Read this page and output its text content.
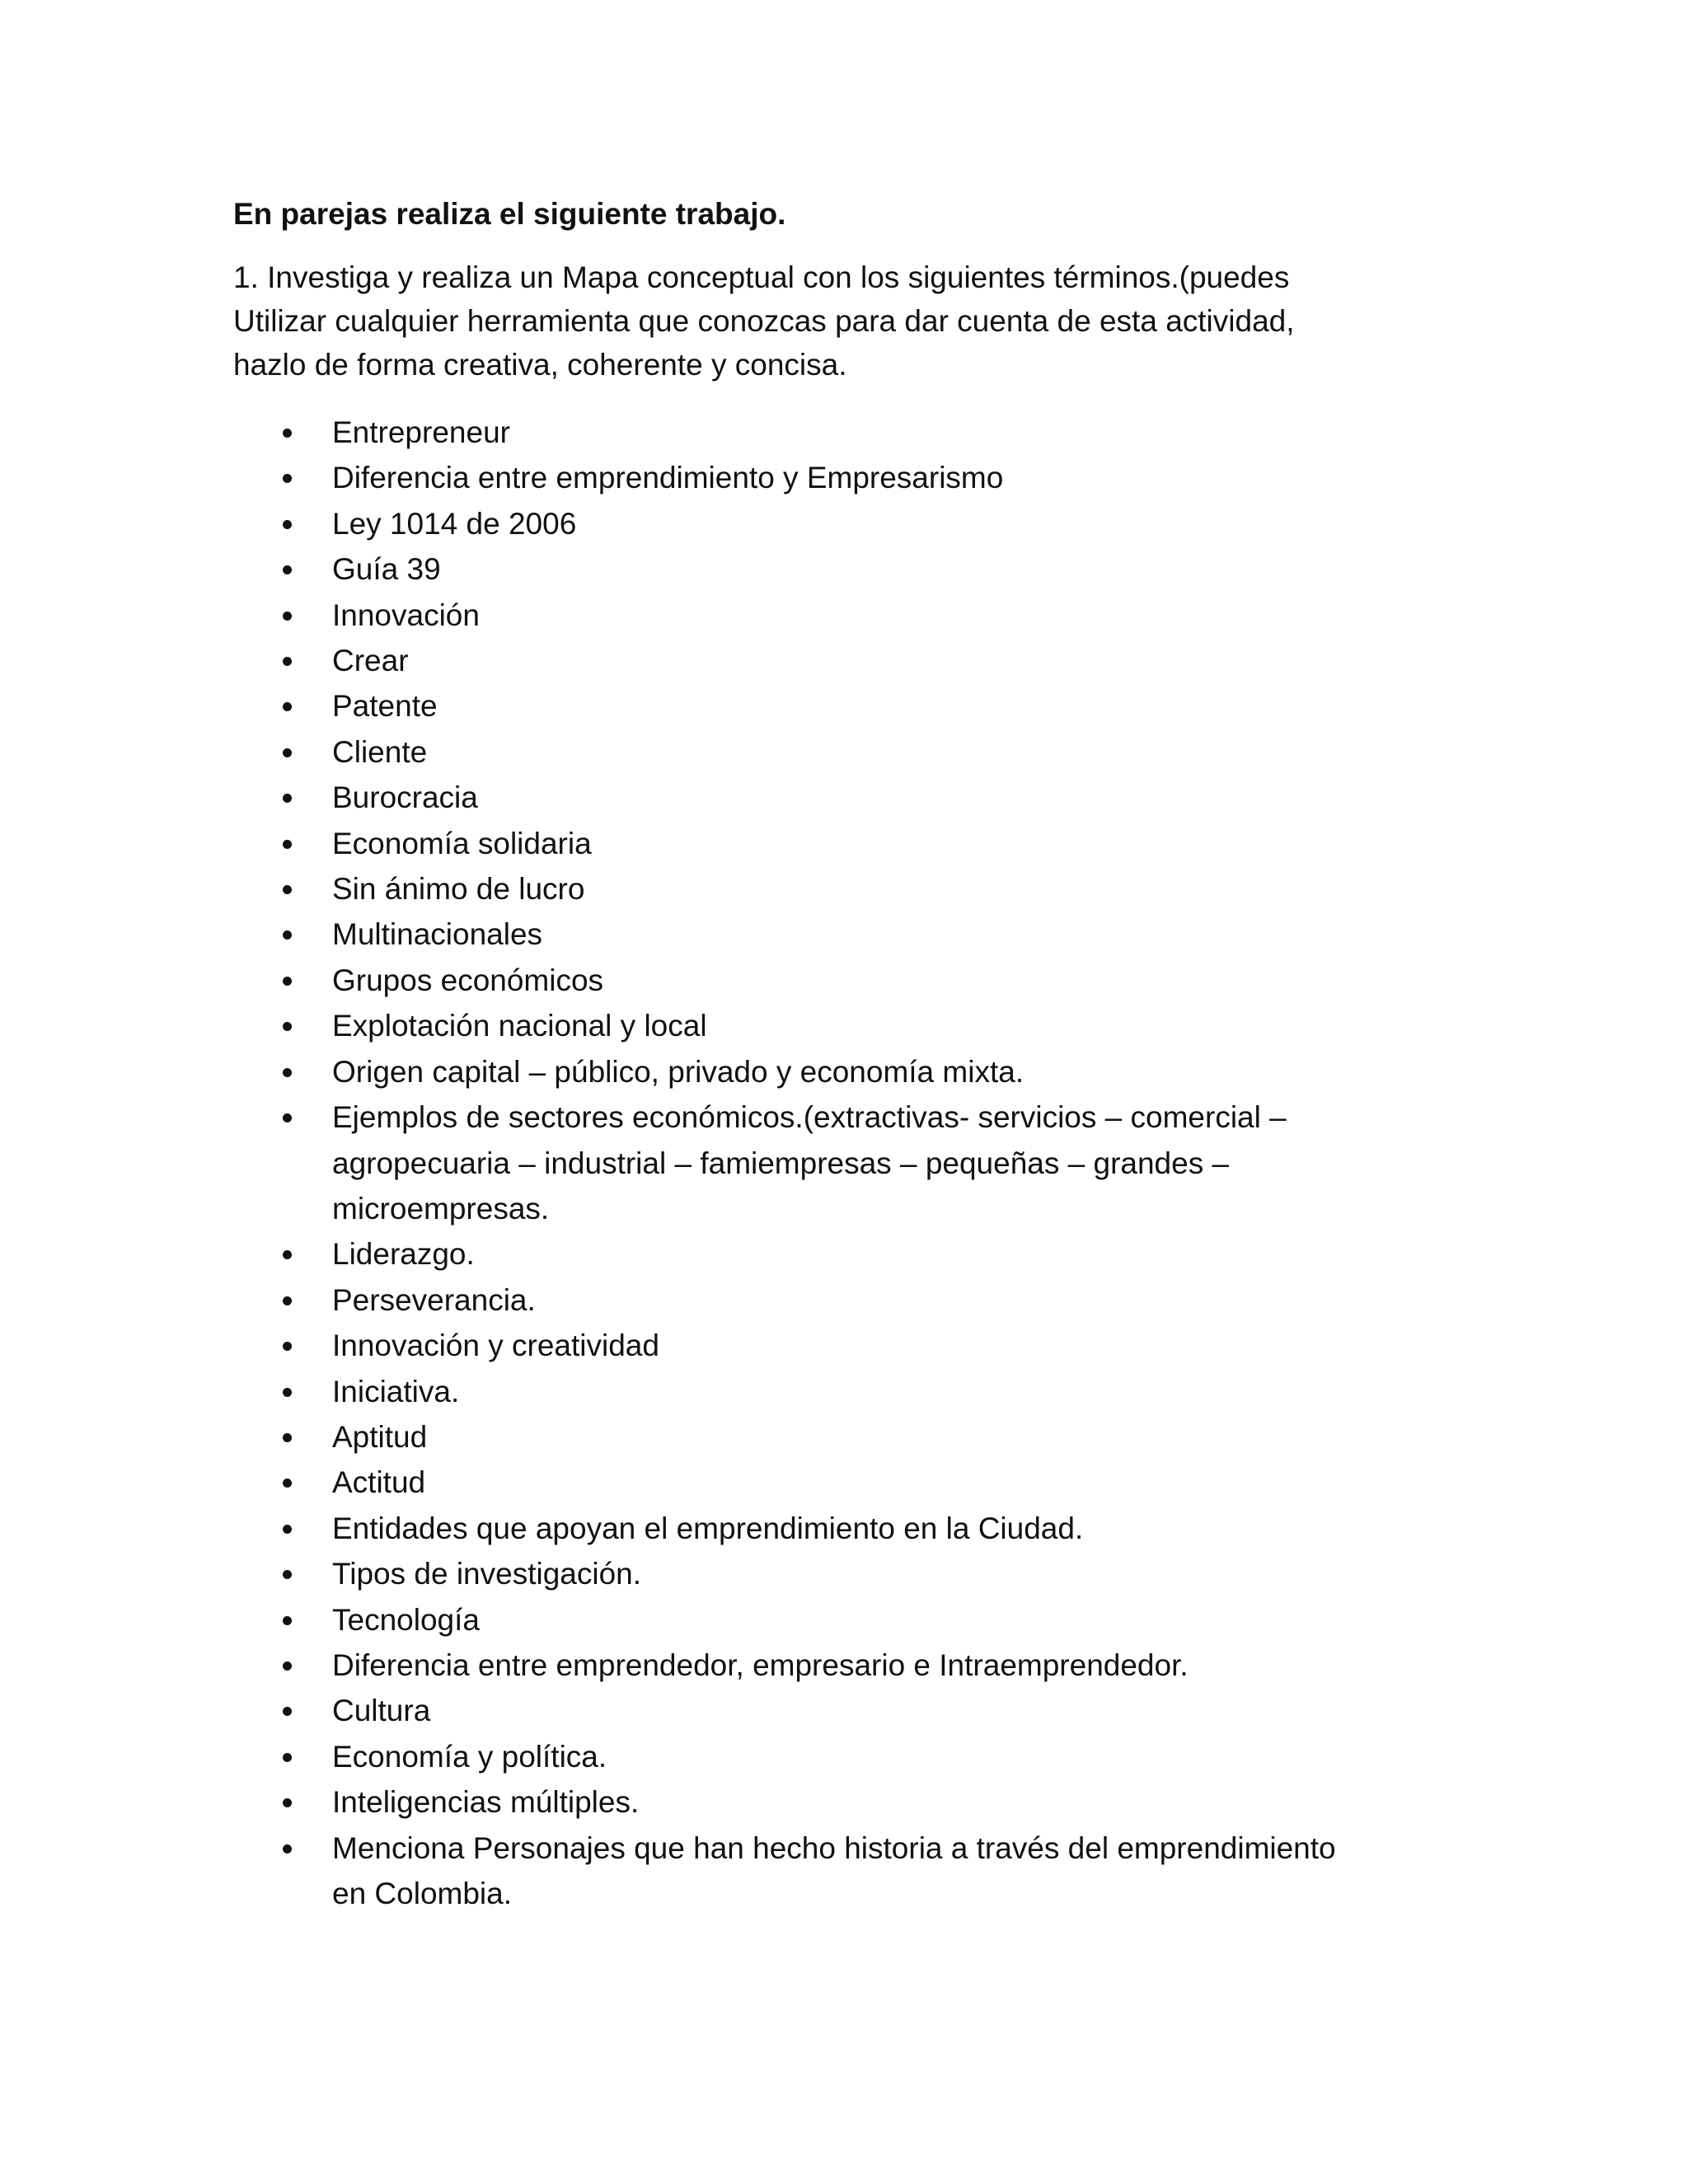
En parejas realiza el siguiente trabajo.

1. Investiga y realiza un Mapa conceptual con los siguientes términos.(puedes
Utilizar cualquier herramienta que conozcas para dar cuenta de esta actividad,
hazlo de forma creativa, coherente y concisa.

Entrepreneur
Diferencia entre emprendimiento y Empresarismo
Ley 1014 de 2006
Guía 39
Innovación
Crear
Patente
Cliente
Burocracia
Economía solidaria
Sin ánimo de lucro
Multinacionales
Grupos económicos
Explotación nacional y local
Origen capital – público, privado y economía mixta.
Ejemplos de sectores económicos.(extractivas- servicios – comercial –
agropecuaria – industrial – famiempresas – pequeñas – grandes –
microempresas.
Liderazgo.
Perseverancia.
Innovación y creatividad
Iniciativa.
Aptitud
Actitud
Entidades que apoyan el emprendimiento en la Ciudad.
Tipos de investigación.
Tecnología
Diferencia entre emprendedor, empresario e Intraemprendedor.
Cultura
Economía y política.
Inteligencias múltiples.
Menciona Personajes que han hecho historia a través del emprendimiento
en Colombia.
